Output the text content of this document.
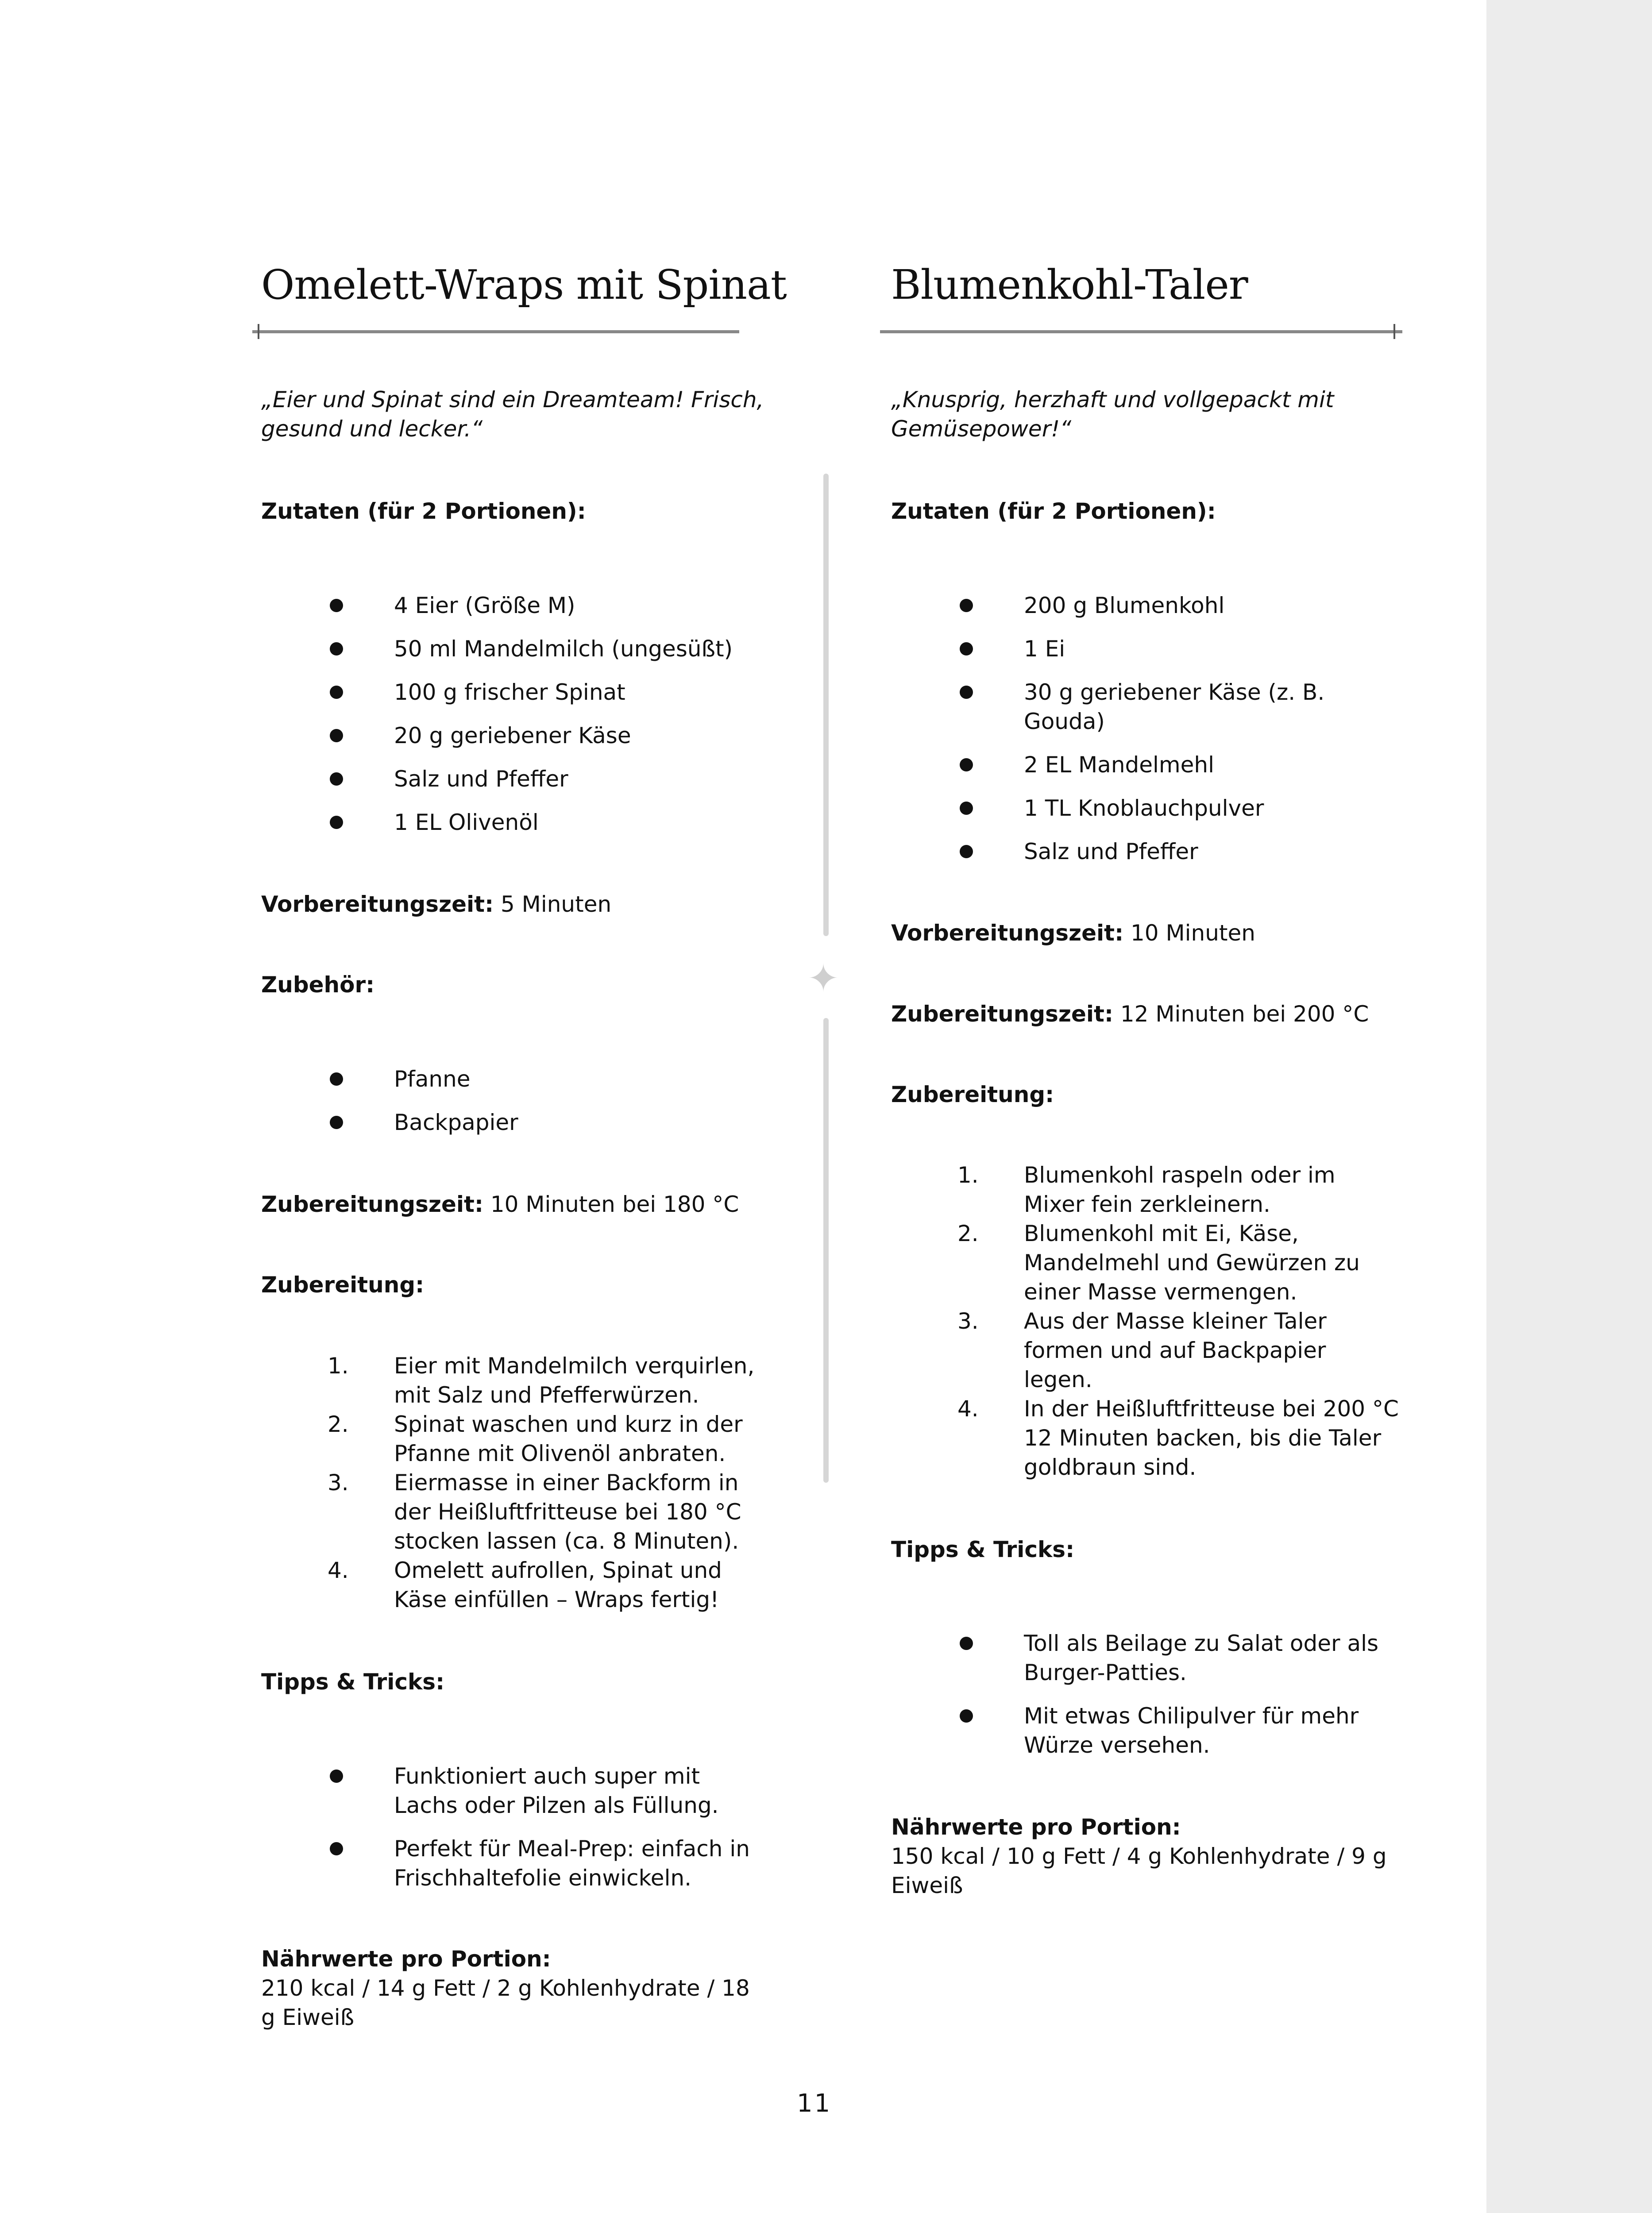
Omelett-Wraps mit Spinat
„Eier und Spinat sind ein Dreamteam! Frisch, gesund und lecker.“
Zutaten (für 2 Portionen):
4 Eier (Größe M)
50 ml Mandelmilch (ungesüßt)
100 g frischer Spinat
20 g geriebener Käse
Salz und Pfeffer
1 EL Olivenöl
Vorbereitungszeit: 5 Minuten
Zubehör:
Pfanne
Backpapier
Zubereitungszeit: 10 Minuten bei 180 °C
Zubereitung:
1. Eier mit Mandelmilch verquirlen, mit Salz und Pfefferwürzen.
2. Spinat waschen und kurz in der Pfanne mit Olivenöl anbraten.
3. Eiermasse in einer Backform in der Heißluftfritteuse bei 180 °C stocken lassen (ca. 8 Minuten).
4. Omelett aufrollen, Spinat und Käse einfüllen – Wraps fertig!
Tipps & Tricks:
Funktioniert auch super mit Lachs oder Pilzen als Füllung.
Perfekt für Meal-Prep: einfach in Frischhaltefolie einwickeln.
Nährwerte pro Portion:
210 kcal / 14 g Fett / 2 g Kohlenhydrate / 18 g Eiweiß
✦
Blumenkohl-Taler
„Knusprig, herzhaft und vollgepackt mit Gemüsepower!“
Zutaten (für 2 Portionen):
200 g Blumenkohl
1 Ei
30 g geriebener Käse (z. B. Gouda)
2 EL Mandelmehl
1 TL Knoblauchpulver
Salz und Pfeffer
Vorbereitungszeit: 10 Minuten
Zubereitungszeit: 12 Minuten bei 200 °C
Zubereitung:
1. Blumenkohl raspeln oder im Mixer fein zerkleinern.
2. Blumenkohl mit Ei, Käse, Mandelmehl und Gewürzen zu einer Masse vermengen.
3. Aus der Masse kleiner Taler formen und auf Backpapier legen.
4. In der Heißluftfritteuse bei 200 °C 12 Minuten backen, bis die Taler goldbraun sind.
Tipps & Tricks:
Toll als Beilage zu Salat oder als Burger-Patties.
Mit etwas Chilipulver für mehr Würze versehen.
Nährwerte pro Portion:
150 kcal / 10 g Fett / 4 g Kohlenhydrate / 9 g Eiweiß
11
